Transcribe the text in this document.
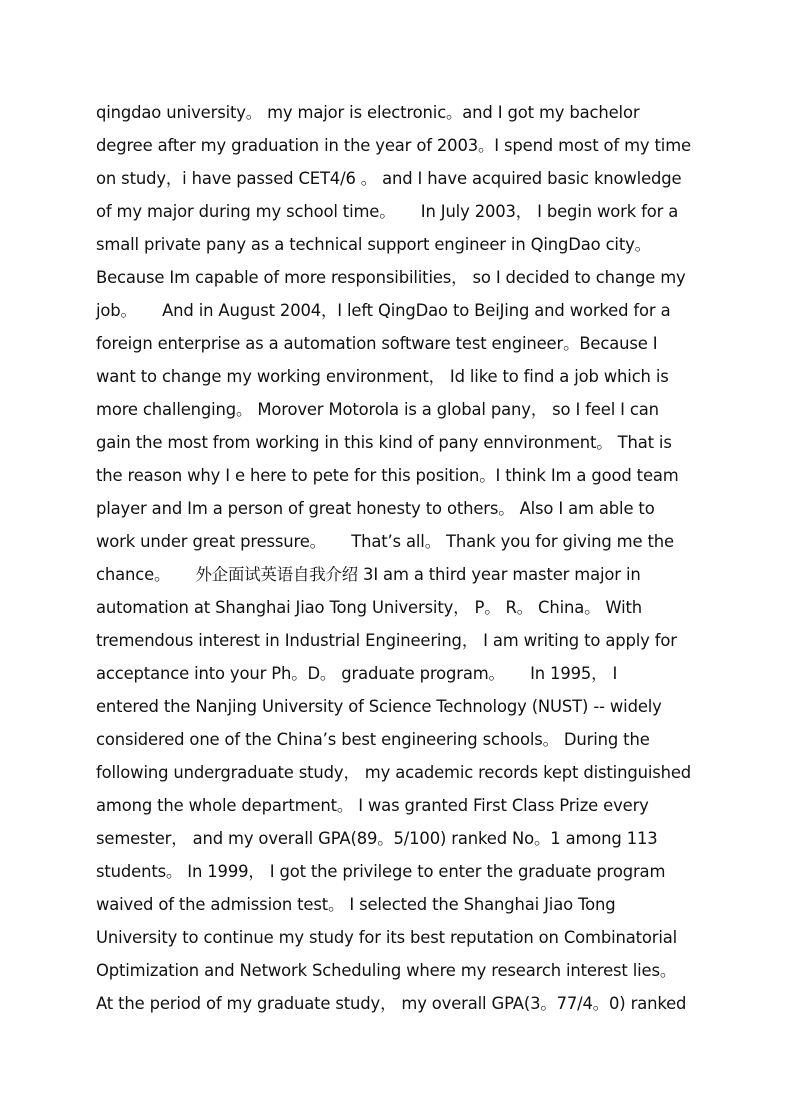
qingdao university。 my major is electronic。and I got my bachelor
degree after my graduation in the year of 2003。I spend most of my time
on study，i have passed CET4/6 。 and I have acquired basic knowledge
of my major during my school time。     In July 2003， I begin work for a
small private pany as a technical support engineer in QingDao city。
Because Im capable of more responsibilities， so I decided to change my
job。     And in August 2004，I left QingDao to BeiJing and worked for a
foreign enterprise as a automation software test engineer。Because I
want to change my working environment， Id like to find a job which is
more challenging。 Morover Motorola is a global pany， so I feel I can
gain the most from working in this kind of pany ennvironment。 That is
the reason why I e here to pete for this position。I think Im a good team
player and Im a person of great honesty to others。 Also I am able to
work under great pressure。     That’s all。 Thank you for giving me the
chance。     外企面试英语自我介绍 3I am a third year master major in
automation at Shanghai Jiao Tong University， P。 R。 China。 With
tremendous interest in Industrial Engineering， I am writing to apply for
acceptance into your Ph。D。 graduate program。     In 1995， I
entered the Nanjing University of Science Technology (NUST) -- widely
considered one of the China’s best engineering schools。 During the
following undergraduate study， my academic records kept distinguished
among the whole department。 I was granted First Class Prize every
semester， and my overall GPA(89。5/100) ranked No。1 among 113
students。 In 1999， I got the privilege to enter the graduate program
waived of the admission test。 I selected the Shanghai Jiao Tong
University to continue my study for its best reputation on Combinatorial
Optimization and Network Scheduling where my research interest lies。
At the period of my graduate study， my overall GPA(3。77/4。0) ranked
